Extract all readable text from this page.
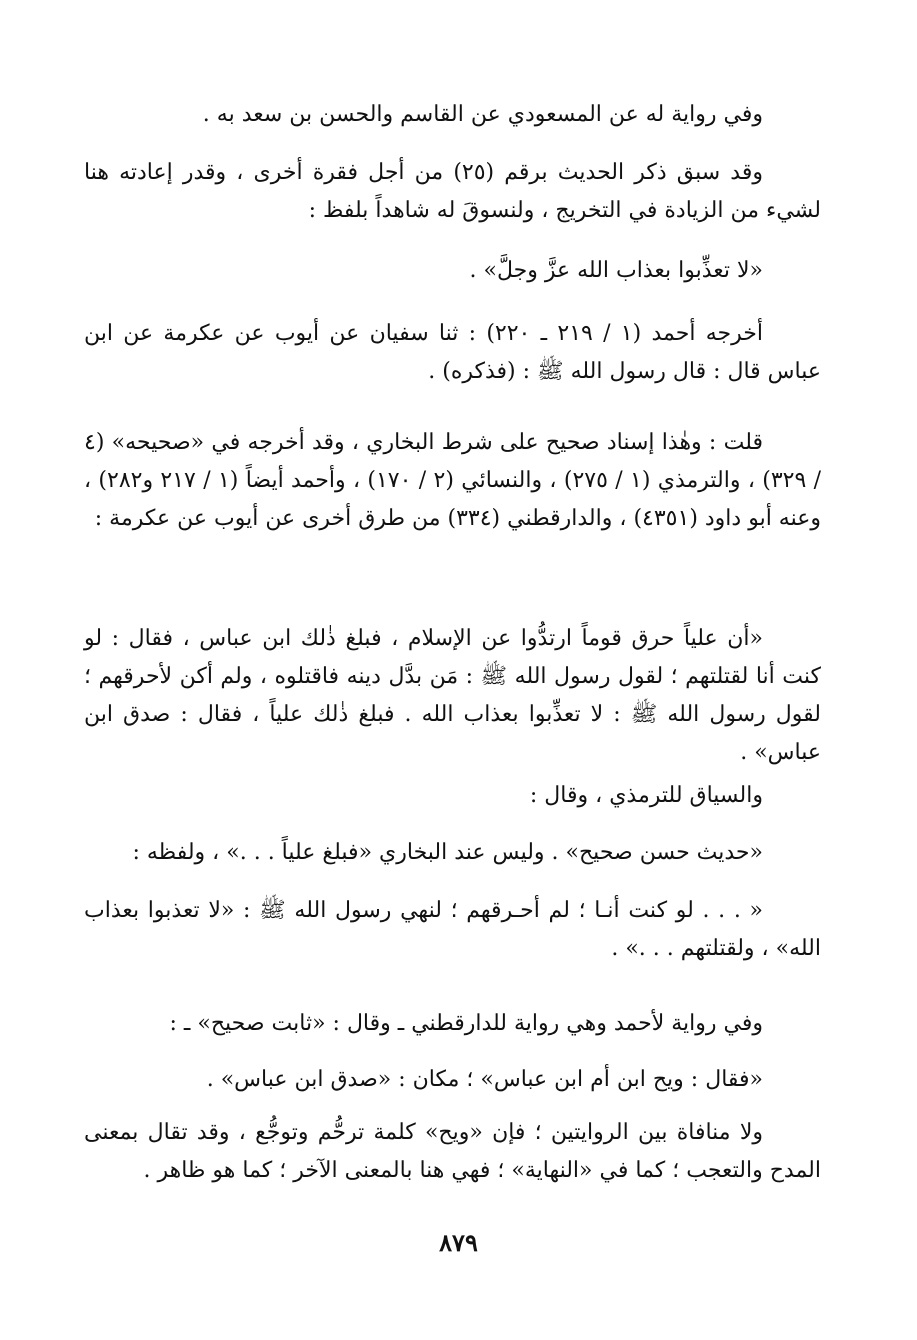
وفي رواية له عن المسعودي عن القاسم والحسن بن سعد به .

وقد سبق ذكر الحديث برقم (٢٥) من أجل فقرة أخرى ، وقدر إعادته هنا لشيء من الزيادة في التخريج ، ولنسوقَ له شاهداً بلفظ :

«لا تعذِّبوا بعذاب الله عزَّ وجلَّ» .

أخرجه أحمد (١ / ٢١٩ ـ ٢٢٠) : ثنا سفيان عن أيوب عن عكرمة عن ابن عباس قال : قال رسول الله ﷺ : (فذكره) .

قلت : وهٰذا إسناد صحيح على شرط البخاري ، وقد أخرجه في «صحيحه» (٤ / ٣٢٩) ، والترمذي (١ / ٢٧٥) ، والنسائي (٢ / ١٧٠) ، وأحمد أيضاً (١ / ٢١٧ و٢٨٢) ، وعنه أبو داود (٤٣٥١) ، والدارقطني (٣٣٤) من طرق أخرى عن أيوب عن عكرمة :

«أن علياً حرق قوماً ارتدُّوا عن الإسلام ، فبلغ ذٰلك ابن عباس ، فقال : لو كنت أنا لقتلتهم ؛ لقول رسول الله ﷺ : مَن بدَّل دينه فاقتلوه ، ولم أكن لأحرقهم ؛ لقول رسول الله ﷺ : لا تعذِّبوا بعذاب الله . فبلغ ذٰلك علياً ، فقال : صدق ابن عباس» .

والسياق للترمذي ، وقال :

«حديث حسن صحيح» . وليس عند البخاري «فبلغ علياً . . .» ، ولفظه :

« . . . لو كنت أنـا ؛ لم أحـرقهم ؛ لنهي رسول الله ﷺ : «لا تعذبوا بعذاب الله» ، ولقتلتهم . . .» .

وفي رواية لأحمد وهي رواية للدارقطني ـ وقال : «ثابت صحيح» ـ :

«فقال : ويح ابن أم ابن عباس» ؛ مكان : «صدق ابن عباس» .

ولا منافاة بين الروايتين ؛ فإن «ويح» كلمة ترحُّم وتوجُّع ، وقد تقال بمعنى المدح والتعجب ؛ كما في «النهاية» ؛ فهي هنا بالمعنى الآخر ؛ كما هو ظاهر .

٨٧٩
